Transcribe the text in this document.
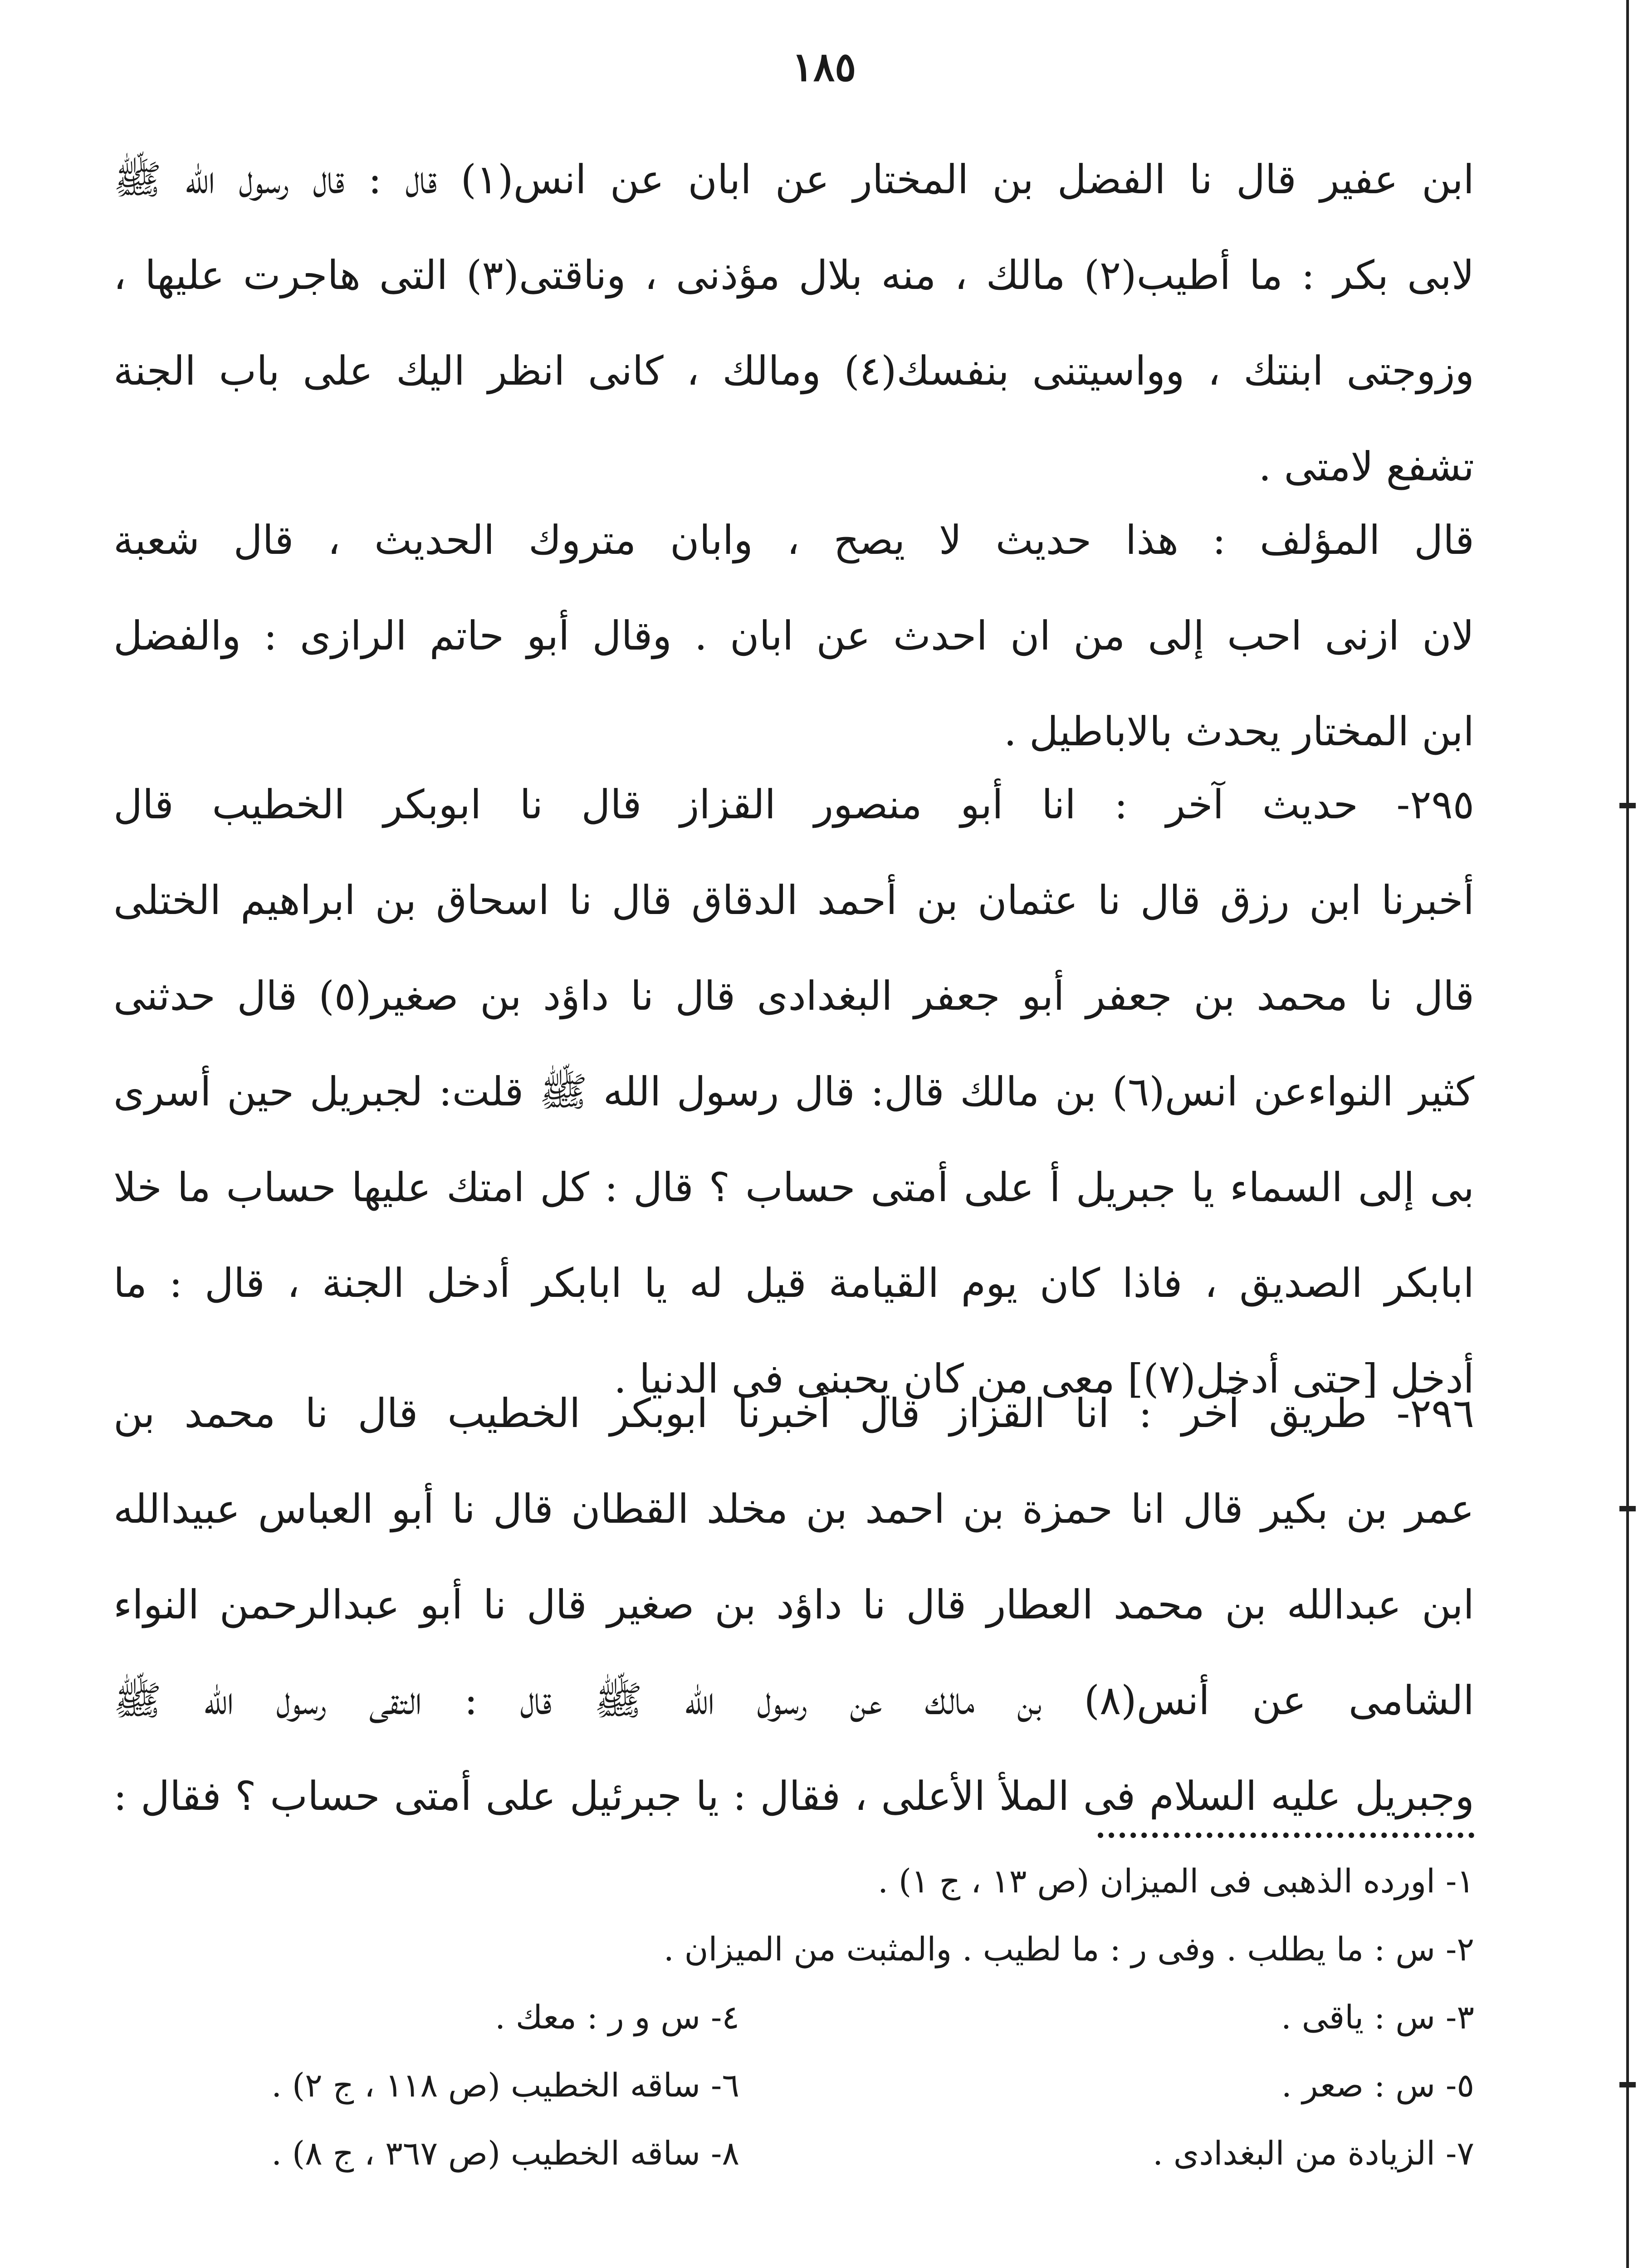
١٨٥
ابن عفير قال نا الفضل بن المختار عن ابان عن انس(١) قال : قال رسول الله ﷺ
لابى بكر : ما أطيب(٢) مالك ، منه بلال مؤذنى ، وناقتى(٣) التى هاجرت عليها ،
وزوجتى ابنتك ، وواسيتنى بنفسك(٤) ومالك ، كانى انظر اليك على باب الجنة
تشفع لامتى .
قال المؤلف : هذا حديث لا يصح ، وابان متروك الحديث ، قال شعبة
لان ازنى احب إلى من ان احدث عن ابان . وقال أبو حاتم الرازى : والفضل
ابن المختار يحدث بالاباطيل .
٢٩٥- حديث آخر : انا أبو منصور القزاز قال نا ابوبكر الخطيب قال
أخبرنا ابن رزق قال نا عثمان بن أحمد الدقاق قال نا اسحاق بن ابراهيم الختلى
قال نا محمد بن جعفر أبو جعفر البغدادى قال نا داؤد بن صغير(٥) قال حدثنى
كثير النواءعن انس(٦) بن مالك قال: قال رسول الله ﷺ قلت: لجبريل حين أسرى
بى إلى السماء يا جبريل أ على أمتى حساب ؟ قال : كل امتك عليها حساب ما خلا
ابابكر الصديق ، فاذا كان يوم القيامة قيل له يا ابابكر أدخل الجنة ، قال : ما
أدخل [حتى أدخل(٧)] معى من كان يحبنى فى الدنيا .
٢٩٦- طريق آخر : انا القزاز قال أخبرنا ابوبكر الخطيب قال نا محمد بن
عمر بن بكير قال انا حمزة بن احمد بن مخلد القطان قال نا أبو العباس عبيدالله
ابن عبدالله بن محمد العطار قال نا داؤد بن صغير قال نا أبو عبدالرحمن النواء
الشامى عن أنس(٨) بن مالك عن رسول الله ﷺ قال : التقى رسول الله ﷺ
وجبريل عليه السلام فى الملأ الأعلى ، فقال : يا جبرئيل على أمتى حساب ؟ فقال :
١- اورده الذهبى فى الميزان (ص ١٣ ، ج ١) .
٢- س : ما يطلب . وفى ر : ما لطيب . والمثبت من الميزان .
٣- س : ياقى .
٤- س و ر : معك .
٥- س : صعر .
٦- ساقه الخطيب (ص ١١٨ ، ج ٢) .
٧- الزيادة من البغدادى .
٨- ساقه الخطيب (ص ٣٦٧ ، ج ٨) .
